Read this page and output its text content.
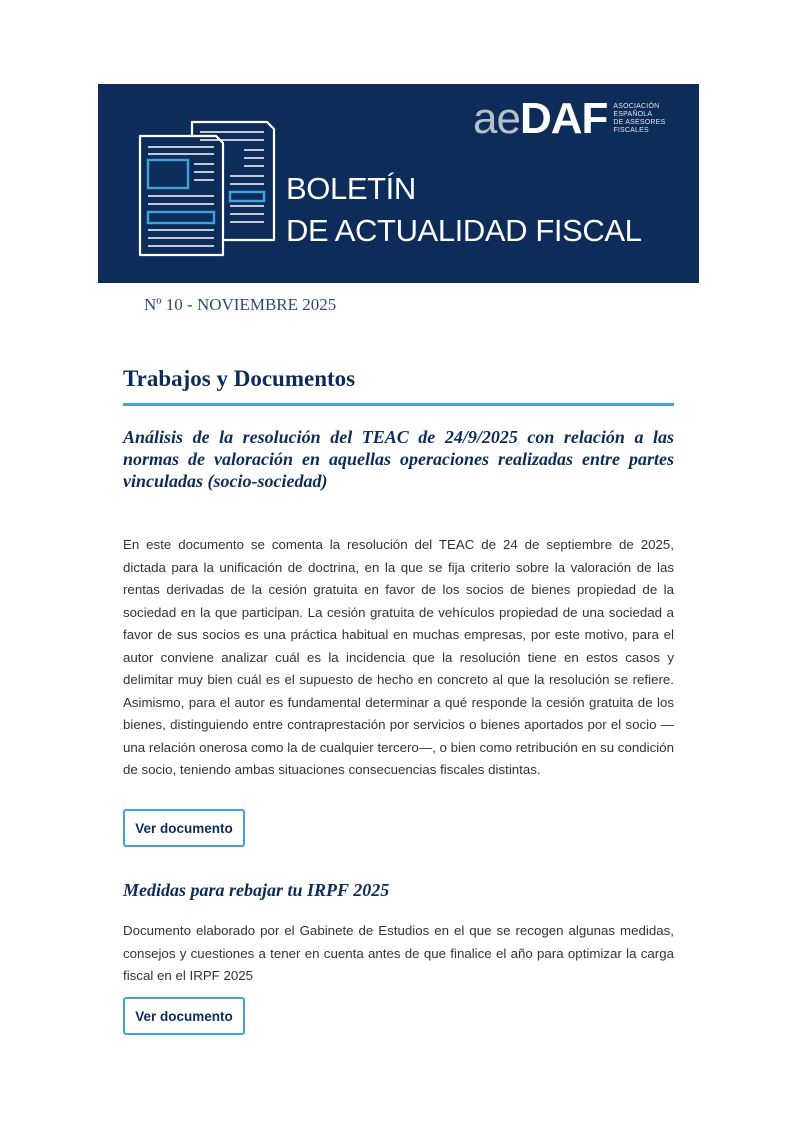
aeDAF ASOCIACIÓN
ESPAÑOLA
DE ASESORES
FISCALES
BOLETÍN
DE ACTUALIDAD FISCAL
Nº 10 - NOVIEMBRE 2025
Trabajos y Documentos
Análisis de la resolución del TEAC de 24/9/2025 con relación a las normas de valoración en aquellas operaciones realizadas entre partes vinculadas (socio-sociedad)
En este documento se comenta la resolución del TEAC de 24 de septiembre de 2025, dictada para la unificación de doctrina, en la que se fija criterio sobre la valoración de las rentas derivadas de la cesión gratuita en favor de los socios de bienes propiedad de la sociedad en la que participan. La cesión gratuita de vehículos propiedad de una sociedad a favor de sus socios es una práctica habitual en muchas empresas, por este motivo, para el autor conviene analizar cuál es la incidencia que la resolución tiene en estos casos y delimitar muy bien cuál es el supuesto de hecho en concreto al que la resolución se refiere. Asimismo, para el autor es fundamental determinar a qué responde la cesión gratuita de los bienes, distinguiendo entre contraprestación por servicios o bienes aportados por el socio —una relación onerosa como la de cualquier tercero—, o bien como retribución en su condición de socio, teniendo ambas situaciones consecuencias fiscales distintas.
Ver documento
Medidas para rebajar tu IRPF 2025
Documento elaborado por el Gabinete de Estudios en el que se recogen algunas medidas, consejos y cuestiones a tener en cuenta antes de que finalice el año para optimizar la carga fiscal en el IRPF 2025
Ver documento
